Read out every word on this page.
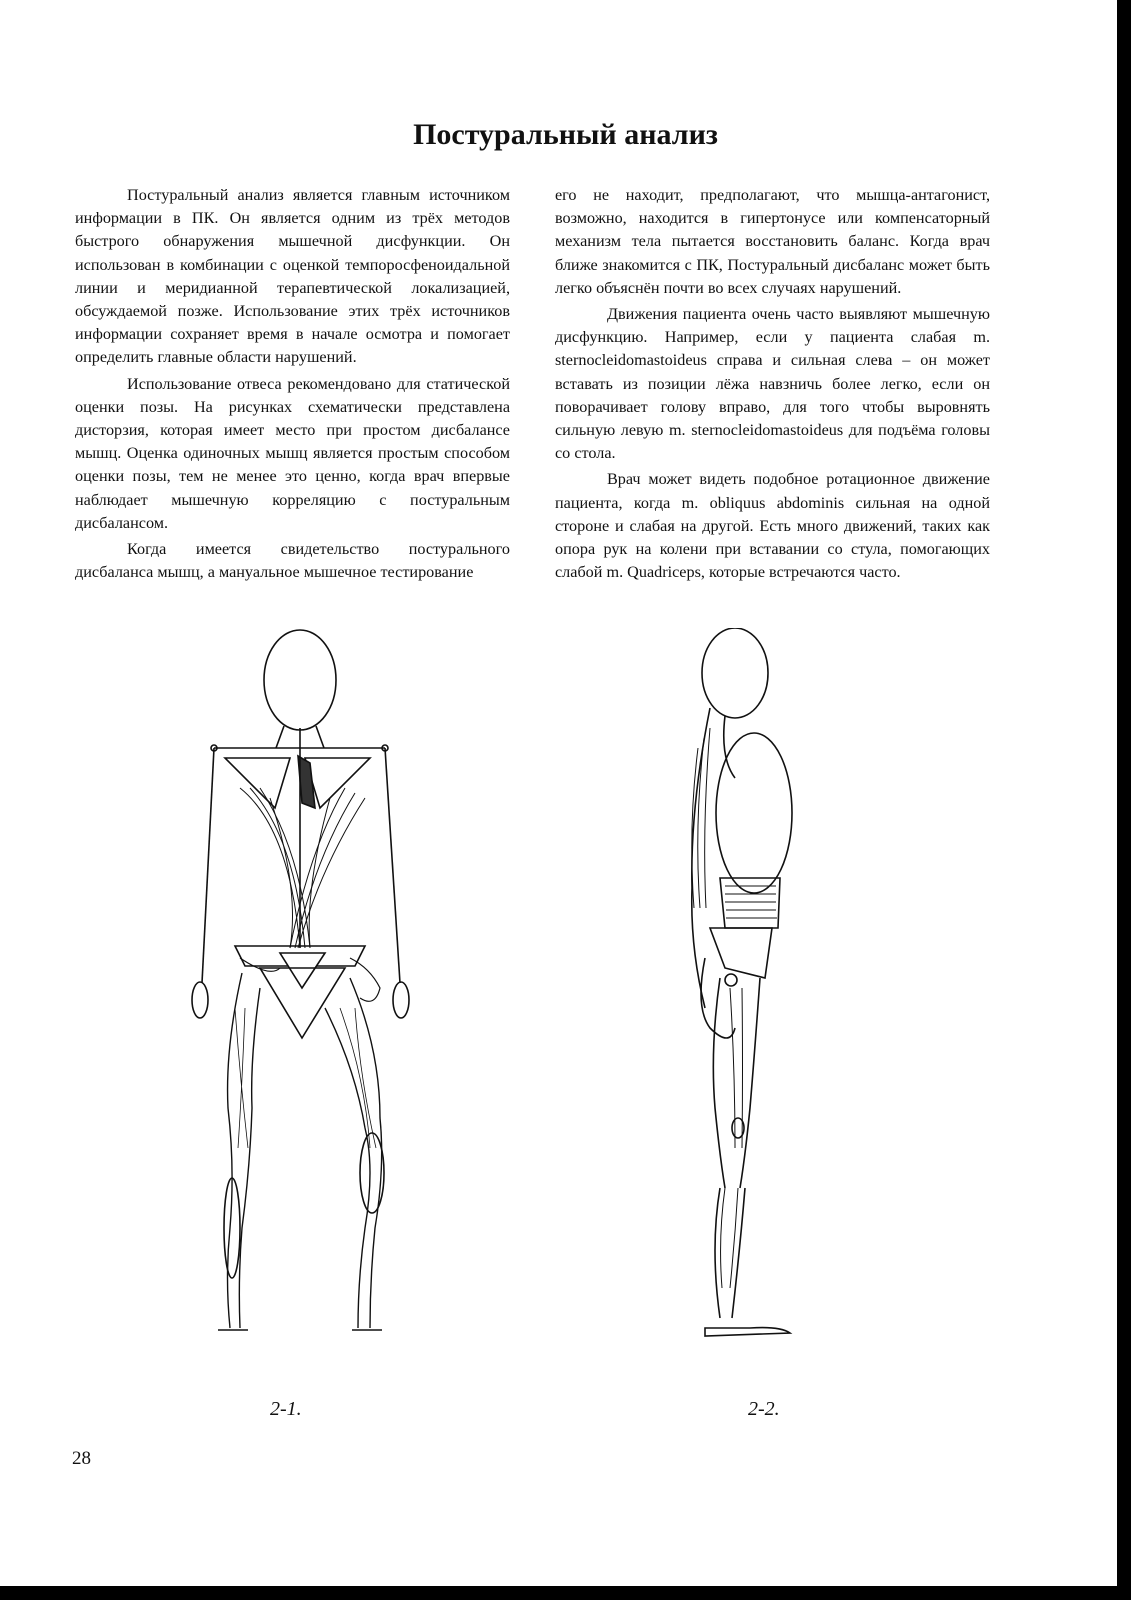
Постуральный анализ

Постуральный анализ является главным источником информации в ПК. Он является одним из трёх методов быстрого обнаружения мышечной дисфункции. Он использован в комбинации с оценкой темпоросфеноидальной линии и меридианной терапевтической локализацией, обсуждаемой позже. Использование этих трёх источников информации сохраняет время в начале осмотра и помогает определить главные области нарушений.

Использование отвеса рекомендовано для статической оценки позы. На рисунках схематически представлена дисторзия, которая имеет место при простом дисбалансе мышц. Оценка одиночных мышц является простым способом оценки позы, тем не менее это ценно, когда врач впервые наблюдает мышечную корреляцию с постуральным дисбалансом.

Когда имеется свидетельство постурального дисбаланса мышц, а мануальное мышечное тестирование

его не находит, предполагают, что мышца-антагонист, возможно, находится в гипертонусе или компенсаторный механизм тела пытается восстановить баланс. Когда врач ближе знакомится с ПК, Постуральный дисбаланс может быть легко объяснён почти во всех случаях нарушений.

Движения пациента очень часто выявляют мышечную дисфункцию. Например, если у пациента слабая m. sternocleidomastoideus справа и сильная слева – он может вставать из позиции лёжа навзничь более легко, если он поворачивает голову вправо, для того чтобы выровнять сильную левую m. sternocleidomastoideus для подъёма головы со стола.

Врач может видеть подобное ротационное движение пациента, когда m. obliquus abdominis сильная на одной стороне и слабая на другой. Есть много движений, таких как опора рук на колени при вставании со стула, помогающих слабой m. Quadriceps, которые встречаются часто.

2-1.	2-2.
28
